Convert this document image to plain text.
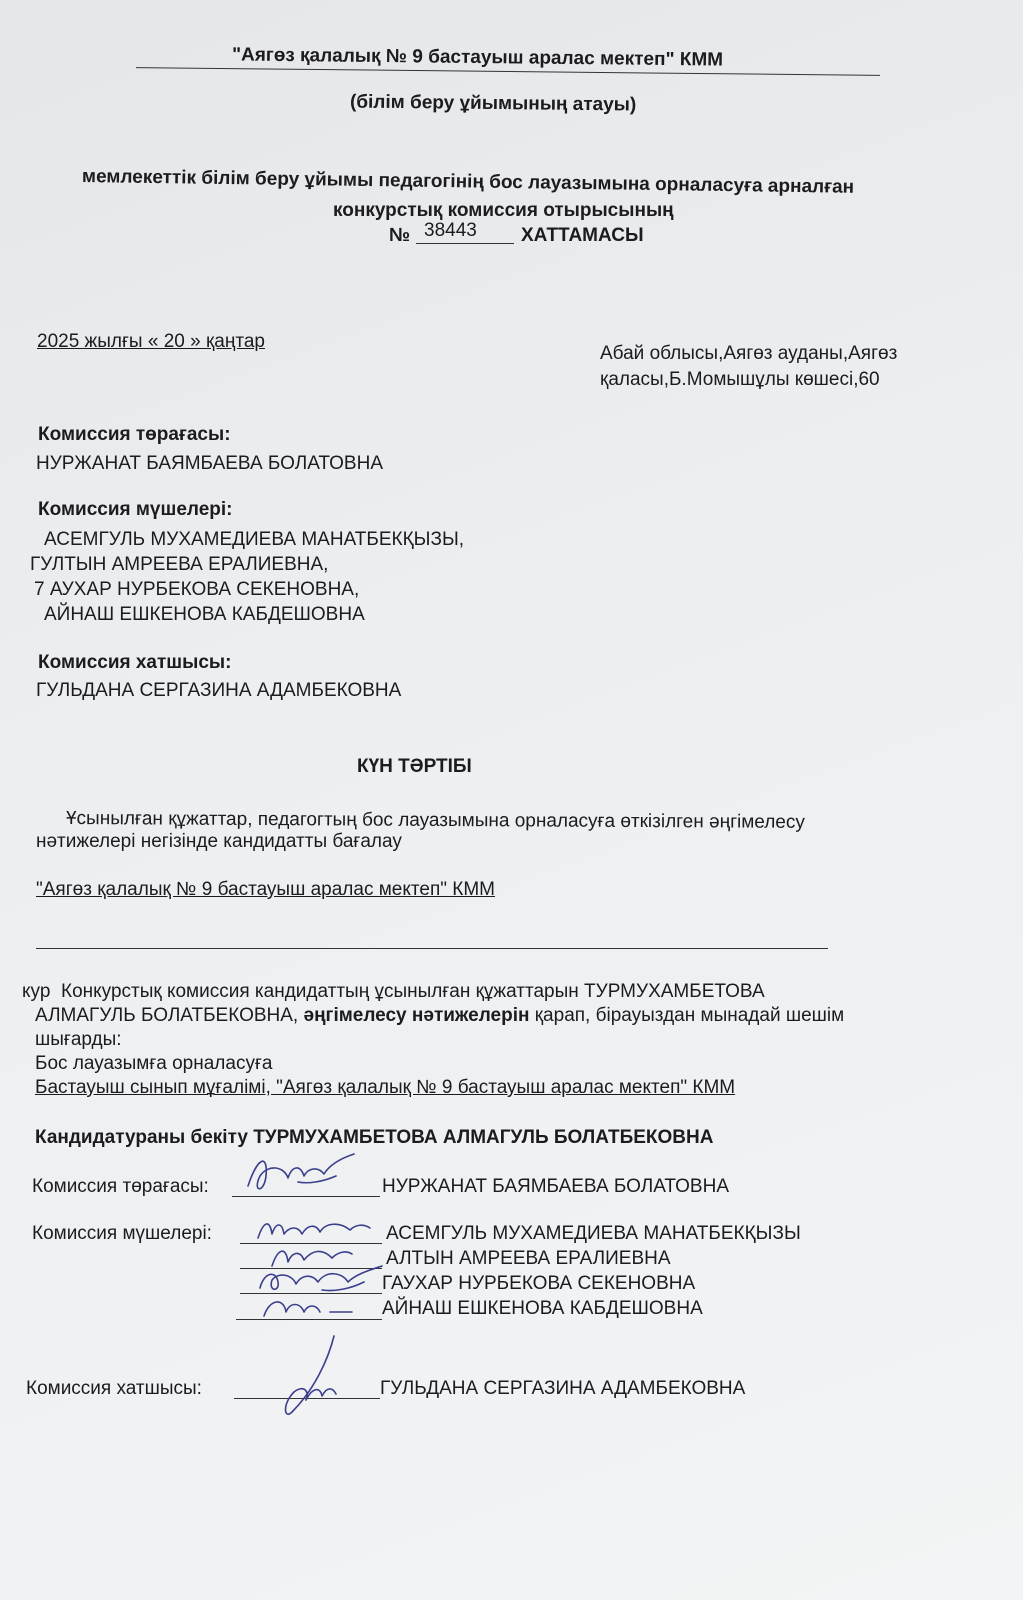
"Аягөз қалалық № 9 бастауыш аралас мектеп" КММ
(білім беру ұйымының атауы)
мемлекеттік білім беру ұйымы педагогінің бос лауазымына орналасуға арналған
конкурстық комиссия отырысының
№ 38443 ХАТТАМАСЫ
2025 жылғы « 20 » қаңтар
Абай облысы,Аягөз ауданы,Аягөз
қаласы,Б.Момышұлы көшесі,60
Комиссия төрағасы:
НУРЖАНАТ БАЯМБАЕВА БОЛАТОВНА
Комиссия мүшелері:
АСЕМГУЛЬ МУХАМЕДИЕВА МАНАТБЕКҚЫЗЫ,
ГУЛТЫН АМРЕЕВА ЕРАЛИЕВНА,
7 АУХАР НУРБЕКОВА СЕКЕНОВНА,
АЙНАШ ЕШКЕНОВА КАБДЕШОВНА
Комиссия хатшысы:
ГУЛЬДАНА СЕРГАЗИНА АДАМБЕКОВНА
КҮН ТӘРТІБІ
Ұсынылған құжаттар, педагогтың бос лауазымына орналасуға өткізілген әңгімелесу
нәтижелері негізінде кандидатты бағалау
"Аягөз қалалық № 9 бастауыш аралас мектеп" КММ
кур Конкурстық комиссия кандидаттың ұсынылған құжаттарын ТУРМУХАМБЕТОВА
АЛМАГУЛЬ БОЛАТБЕКОВНА, әңгімелесу нәтижелерін қарап, бірауыздан мынадай шешім
шығарды:
Бос лауазымға орналасуға
Бастауыш сынып мұғалімі, "Аягөз қалалық № 9 бастауыш аралас мектеп" КММ
Кандидатураны бекіту ТУРМУХАМБЕТОВА АЛМАГУЛЬ БОЛАТБЕКОВНА
Комиссия төрағасы:	НУРЖАНАТ БАЯМБАЕВА БОЛАТОВНА
Комиссия мүшелері:	АСЕМГУЛЬ МУХАМЕДИЕВА МАНАТБЕКҚЫЗЫ
АЛТЫН АМРЕЕВА ЕРАЛИЕВНА
ГАУХАР НУРБЕКОВА СЕКЕНОВНА
АЙНАШ ЕШКЕНОВА КАБДЕШОВНА
Комиссия хатшысы:	ГУЛЬДАНА СЕРГАЗИНА АДАМБЕКОВНА
